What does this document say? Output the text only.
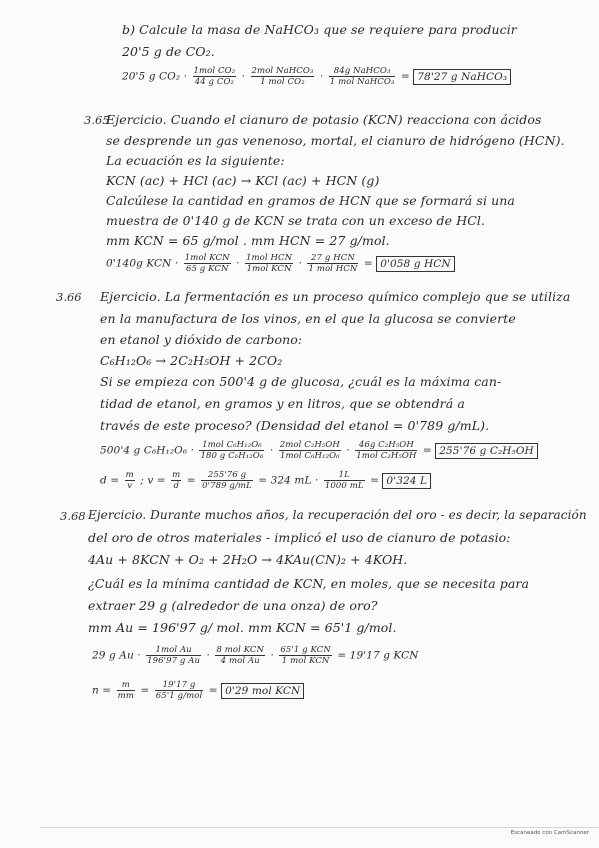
b) Calcule la masa de NaHCO₃ que se requiere para producir
20'5 g de CO₂.
20'5 g $CO_2 \cdot \frac{\text{1mol CO₂}}{\text{44 g CO₂}} \cdot \frac{\text{2mol NaHCO₃}}{\text{1 mol CO₂}} \cdot \frac{\text{84g NaHCO₃}}{\text{1 mol NaHCO₃}} = 78'27$ g NaHCO₃
3.65
Ejercicio. Cuando el cianuro de potasio (KCN) reacciona con ácidos
se desprende un gas venenoso, mortal, el cianuro de hidrógeno (HCN).
La ecuación es la siguiente:
KCN (ac) + HCl (ac) → KCl (ac) + HCN (g)
Calcúlese la cantidad en gramos de HCN que se formará si una
muestra de 0'140 g de KCN se trata con un exceso de HCl.
mm KCN = 65 g/mol . mm HCN = 27 g/mol.
0'140g KCN · $\frac{\text{1mol KCN}}{\text{65 g KCN}} \cdot \frac{\text{1mol HCN}}{\text{1mol KCN}} \cdot \frac{\text{27 g HCN}}{\text{1 mol HCN}} = 0'058$ g HCN
3.66 Ejercicio. La fermentación es un proceso químico complejo que se utiliza
en la manufactura de los vinos, en el que la glucosa se convierte
en etanol y dióxido de carbono:
C₆H₁₂O₆ → 2C₂H₅OH + 2CO₂
Si se empieza con 500'4 g de glucosa, ¿cuál es la máxima can-
tidad de etanol, en gramos y en litros, que se obtendrá a
través de este proceso? (Densidad del etanol = 0'789 g/mL).
500'4 g $C_6H_{12}O_6 \cdot \frac{\text{1mol C₆H₁₂O₆}}{\text{180 g C₆H₁₂O₆}} \cdot \frac{\text{2mol C₂H₅OH}}{\text{1mol C₆H₁₂O₆}} \cdot \frac{\text{46g C₂H₅OH}}{\text{1mol C₂H₅OH}} = 255'76$ g C₂H₅OH
$d = \frac{m}{v}$ ; $v = \frac{m}{d} = \frac{255'76 g}{0'789 g/mL} = 324$ mL · $\frac{1L}{1000 mL} = 0'324$ L
3.68 Ejercicio. Durante muchos años, la recuperación del oro - es decir, la separación
del oro de otros materiales - implicó el uso de cianuro de potasio:
4Au + 8KCN + O₂ + 2H₂O → 4KAu(CN)₂ + 4KOH.
¿Cuál es la mínima cantidad de KCN, en moles, que se necesita para
extraer 29 g (alrededor de una onza) de oro?
mm Au = 196'97 g/ mol. mm KCN = 65'1 g/mol.
29 g $Au \cdot \frac{\text{1mol Au}}{\text{196'97 g Au}} \cdot \frac{\text{8 mol KCN}}{\text{4 mol Au}} \cdot \frac{\text{65'1 g KCN}}{\text{1 mol KCN}} = 19'17$ g KCN
$n = \frac{m}{mm} = \frac{19'17 g}{\text{65'1 g/mol}} = 0'29$ mol KCN
Escaneado con CamScanner
